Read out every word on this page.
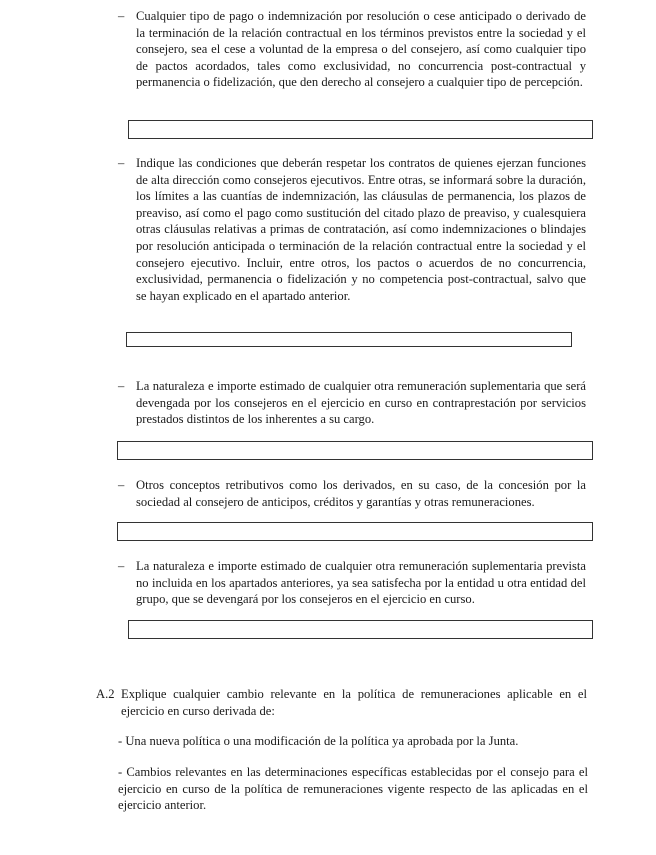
– Cualquier tipo de pago o indemnización por resolución o cese anticipado o derivado de la terminación de la relación contractual en los términos previstos entre la sociedad y el consejero, sea el cese a voluntad de la empresa o del consejero, así como cualquier tipo de pactos acordados, tales como exclusividad, no concurrencia post-contractual y permanencia o fidelización, que den derecho al consejero a cualquier tipo de percepción.

– Indique las condiciones que deberán respetar los contratos de quienes ejerzan funciones de alta dirección como consejeros ejecutivos. Entre otras, se informará sobre la duración, los límites a las cuantías de indemnización, las cláusulas de permanencia, los plazos de preaviso, así como el pago como sustitución del citado plazo de preaviso, y cualesquiera otras cláusulas relativas a primas de contratación, así como indemnizaciones o blindajes por resolución anticipada o terminación de la relación contractual entre la sociedad y el consejero ejecutivo. Incluir, entre otros, los pactos o acuerdos de no concurrencia, exclusividad, permanencia o fidelización y no competencia post-contractual, salvo que se hayan explicado en el apartado anterior.

– La naturaleza e importe estimado de cualquier otra remuneración suplementaria que será devengada por los consejeros en el ejercicio en curso en contraprestación por servicios prestados distintos de los inherentes a su cargo.

– Otros conceptos retributivos como los derivados, en su caso, de la concesión por la sociedad al consejero de anticipos, créditos y garantías y otras remuneraciones.

– La naturaleza e importe estimado de cualquier otra remuneración suplementaria prevista no incluida en los apartados anteriores, ya sea satisfecha por la entidad u otra entidad del grupo, que se devengará por los consejeros en el ejercicio en curso.

A.2 Explique cualquier cambio relevante en la política de remuneraciones aplicable en el ejercicio en curso derivada de:

- Una nueva política o una modificación de la política ya aprobada por la Junta.

- Cambios relevantes en las determinaciones específicas establecidas por el consejo para el ejercicio en curso de la política de remuneraciones vigente respecto de las aplicadas en el ejercicio anterior.
